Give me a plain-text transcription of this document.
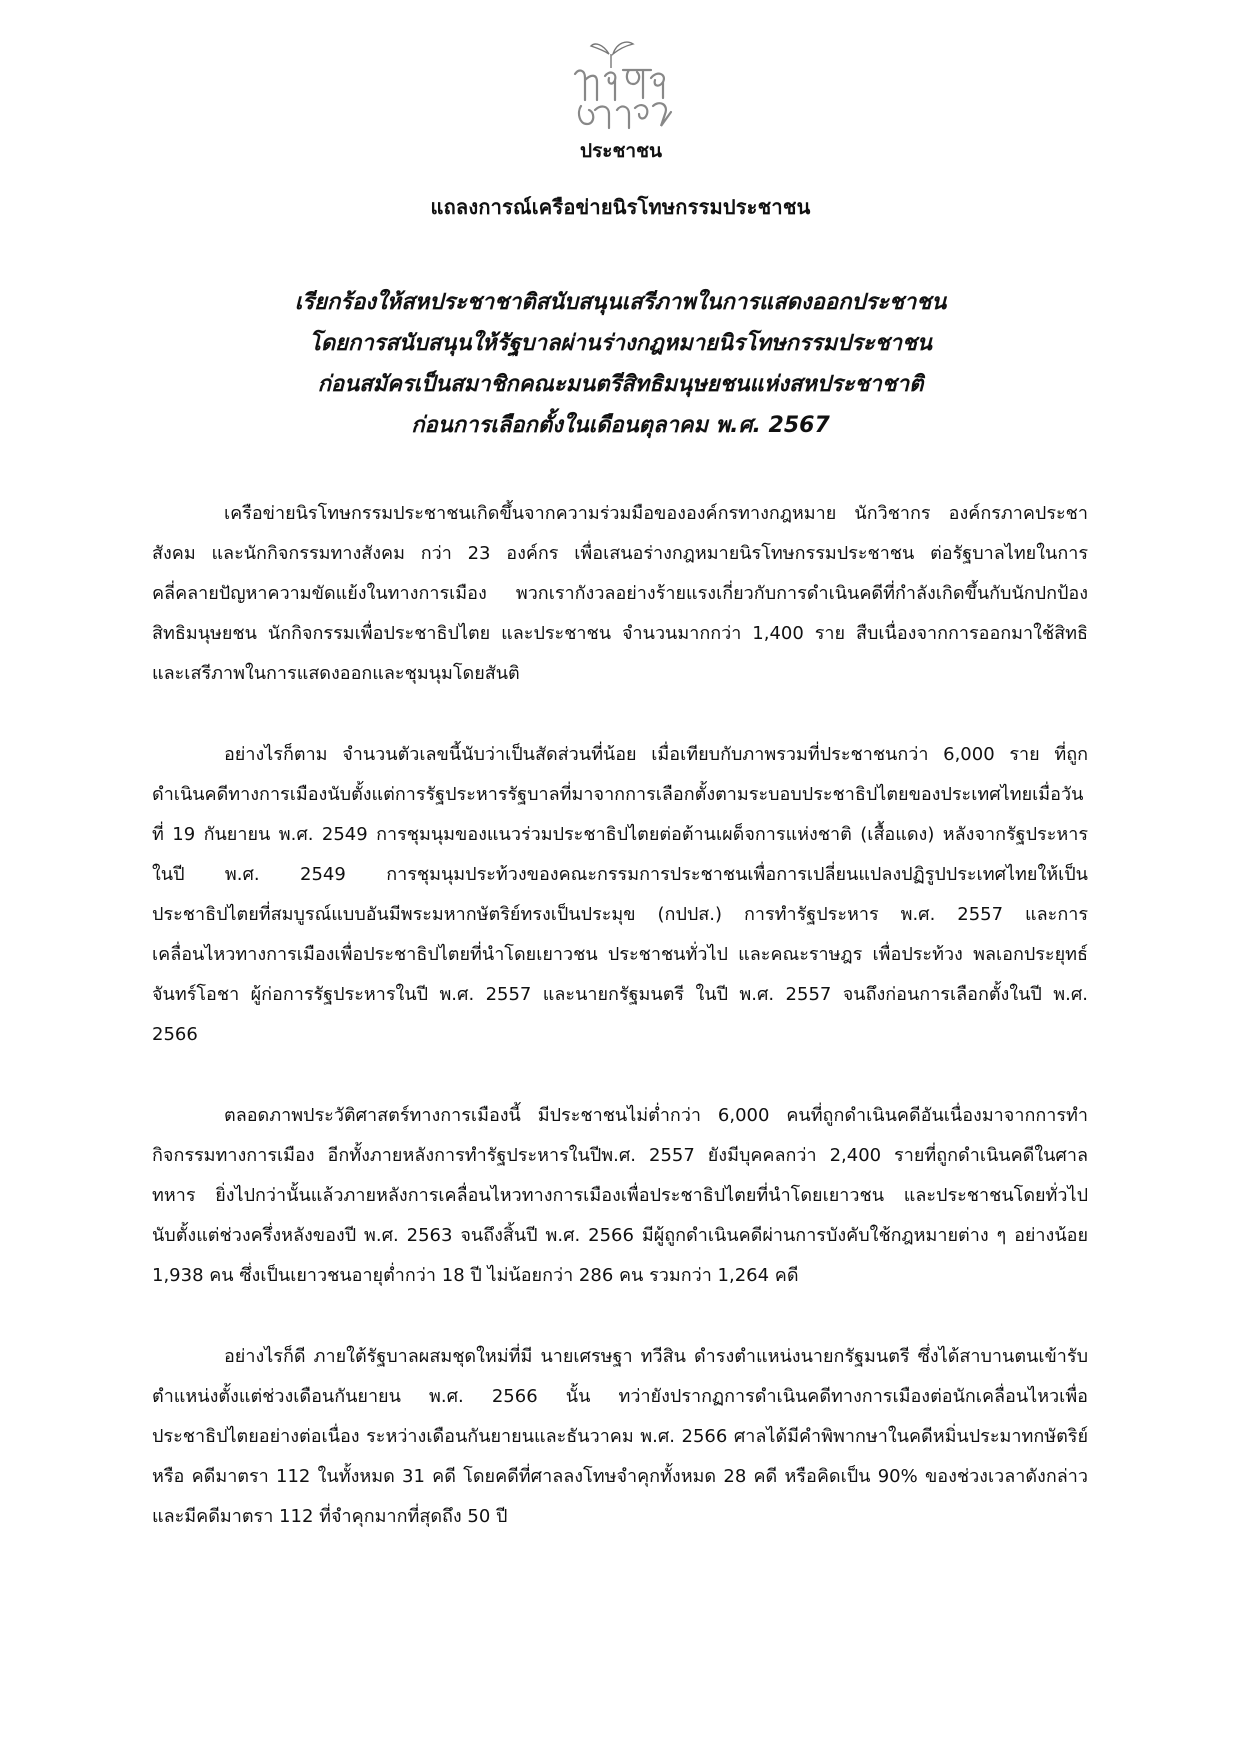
ประชาชน
แถลงการณ์เครือข่ายนิรโทษกรรมประชาชน
เรียกร้องให้สหประชาชาติสนับสนุนเสรีภาพในการแสดงออกประชาชน
โดยการสนับสนุนให้รัฐบาลผ่านร่างกฎหมายนิรโทษกรรมประชาชน
ก่อนสมัครเป็นสมาชิกคณะมนตรีสิทธิมนุษยชนแห่งสหประชาชาติ
ก่อนการเลือกตั้งในเดือนตุลาคม พ.ศ. 2567

เครือข่ายนิรโทษกรรมประชาชนเกิดขึ้นจากความร่วมมือขององค์กรทางกฎหมาย นักวิชากร องค์กรภาคประชาสังคม และนักกิจกรรมทางสังคม กว่า 23 องค์กร เพื่อเสนอร่างกฎหมายนิรโทษกรรมประชาชน ต่อรัฐบาลไทยในการคลี่คลายปัญหาความขัดแย้งในทางการเมือง พวกเรากังวลอย่างร้ายแรงเกี่ยวกับการดำเนินคดีที่กำลังเกิดขึ้นกับนักปกป้องสิทธิมนุษยชน นักกิจกรรมเพื่อประชาธิปไตย และประชาชน จำนวนมากกว่า 1,400 ราย สืบเนื่องจากการออกมาใช้สิทธิและเสรีภาพในการแสดงออกและชุมนุมโดยสันติ

อย่างไรก็ตาม จำนวนตัวเลขนี้นับว่าเป็นสัดส่วนที่น้อย เมื่อเทียบกับภาพรวมที่ประชาชนกว่า 6,000 ราย ที่ถูกดำเนินคดีทางการเมืองนับตั้งแต่การรัฐประหารรัฐบาลที่มาจากการเลือกตั้งตามระบอบประชาธิปไตยของประเทศไทยเมื่อวันที่ 19 กันยายน พ.ศ. 2549 การชุมนุมของแนวร่วมประชาธิปไตยต่อต้านเผด็จการแห่งชาติ (เสื้อแดง) หลังจากรัฐประหารในปี พ.ศ. 2549 การชุมนุมประท้วงของคณะกรรมการประชาชนเพื่อการเปลี่ยนแปลงปฏิรูปประเทศไทยให้เป็นประชาธิปไตยที่สมบูรณ์แบบอันมีพระมหากษัตริย์ทรงเป็นประมุข (กปปส.) การทำรัฐประหาร พ.ศ. 2557 และการเคลื่อนไหวทางการเมืองเพื่อประชาธิปไตยที่นำโดยเยาวชน ประชาชนทั่วไป และคณะราษฎร เพื่อประท้วง พลเอกประยุทธ์ จันทร์โอชา ผู้ก่อการรัฐประหารในปี พ.ศ. 2557 และนายกรัฐมนตรี ในปี พ.ศ. 2557 จนถึงก่อนการเลือกตั้งในปี พ.ศ. 2566

ตลอดภาพประวัติศาสตร์ทางการเมืองนี้ มีประชาชนไม่ต่ำกว่า 6,000 คนที่ถูกดำเนินคดีอันเนื่องมาจากการทำกิจกรรมทางการเมือง อีกทั้งภายหลังการทำรัฐประหารในปีพ.ศ. 2557 ยังมีบุคคลกว่า 2,400 รายที่ถูกดำเนินคดีในศาลทหาร ยิ่งไปกว่านั้นแล้วภายหลังการเคลื่อนไหวทางการเมืองเพื่อประชาธิปไตยที่นำโดยเยาวชน และประชาชนโดยทั่วไป นับตั้งแต่ช่วงครึ่งหลังของปี พ.ศ. 2563 จนถึงสิ้นปี พ.ศ. 2566 มีผู้ถูกดำเนินคดีผ่านการบังคับใช้กฎหมายต่าง ๆ อย่างน้อย 1,938 คน ซึ่งเป็นเยาวชนอายุต่ำกว่า 18 ปี ไม่น้อยกว่า 286 คน รวมกว่า 1,264 คดี

อย่างไรก็ดี ภายใต้รัฐบาลผสมชุดใหม่ที่มี นายเศรษฐา ทวีสิน ดำรงตำแหน่งนายกรัฐมนตรี ซึ่งได้สาบานตนเข้ารับตำแหน่งตั้งแต่ช่วงเดือนกันยายน พ.ศ. 2566 นั้น ทว่ายังปรากฏการดำเนินคดีทางการเมืองต่อนักเคลื่อนไหวเพื่อประชาธิปไตยอย่างต่อเนื่อง ระหว่างเดือนกันยายนและธันวาคม พ.ศ. 2566 ศาลได้มีคำพิพากษาในคดีหมิ่นประมาทกษัตริย์ หรือ คดีมาตรา 112 ในทั้งหมด 31 คดี โดยคดีที่ศาลลงโทษจำคุกทั้งหมด 28 คดี หรือคิดเป็น 90% ของช่วงเวลาดังกล่าว และมีคดีมาตรา 112 ที่จำคุกมากที่สุดถึง 50 ปี
